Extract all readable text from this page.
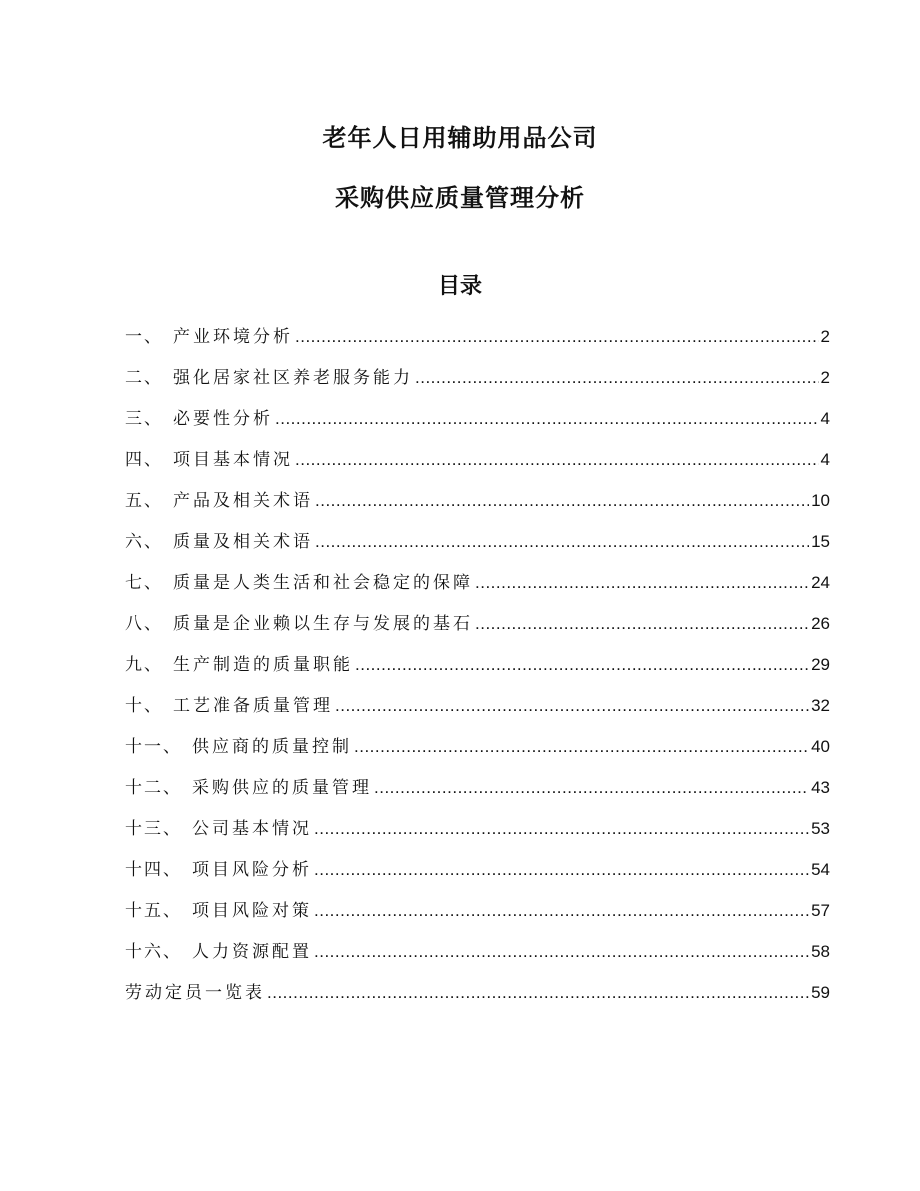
老年人日用辅助用品公司
采购供应质量管理分析
目录
一、 产业环境分析 .....	2
二、 强化居家社区养老服务能力 .....	2
三、 必要性分析 .....	4
四、 项目基本情况 .....	4
五、 产品及相关术语 .....	10
六、 质量及相关术语 .....	15
七、 质量是人类生活和社会稳定的保障 .....	24
八、 质量是企业赖以生存与发展的基石 .....	26
九、 生产制造的质量职能 .....	29
十、 工艺准备质量管理 .....	32
十一、 供应商的质量控制 .....	40
十二、 采购供应的质量管理 .....	43
十三、 公司基本情况 .....	53
十四、 项目风险分析 .....	54
十五、 项目风险对策 .....	57
十六、 人力资源配置 .....	58
劳动定员一览表 .....	59
